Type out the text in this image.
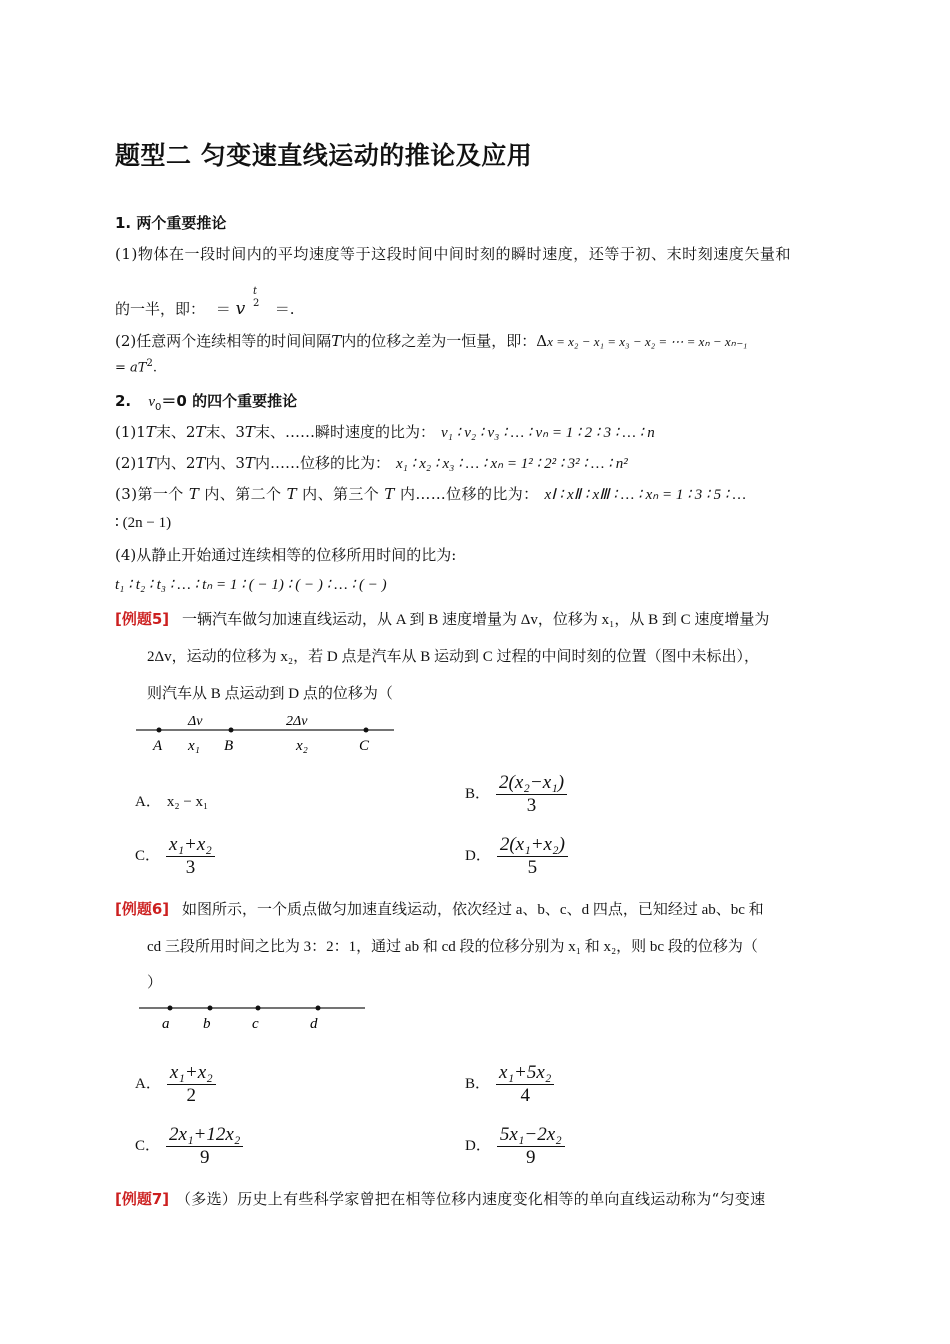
题型二 匀变速直线运动的推论及应用
1. 两个重要推论
(1)物体在一段时间内的平均速度等于这段时间中间时刻的瞬时速度，还等于初、末时刻速度矢量和
的一半，即： ＝ v
t
2 ＝.
(2)任意两个连续相等的时间间隔T内的位移之差为一恒量，即：Δx = x₂ − x₁ = x₃ − x₂ = ⋯ = xₙ − xₙ₋₁
= $aT^2$.
2. $v_0=0$ 的四个重要推论
(1)1T末、2T末、3T末、……瞬时速度的比为： v₁ ∶ v₂ ∶ v₃ ∶ … ∶ vₙ = 1 ∶ 2 ∶ 3 ∶ … ∶ n
(2)1T内、2T内、3T内……位移的比为： x₁ ∶ x₂ ∶ x₃ ∶ … ∶ xₙ = 1² ∶ 2² ∶ 3² ∶ … ∶ n²
(3)第一个 T 内、第二个 T 内、第三个 T 内……位移的比为： xⅠ ∶ xⅡ ∶ xⅢ ∶ … ∶ xₙ = 1 ∶ 3 ∶ 5 ∶ …
∶ (2n − 1)
(4)从静止开始通过连续相等的位移所用时间的比为:
t₁ ∶ t₂ ∶ t₃ ∶ … ∶ tₙ = 1 ∶ ( − 1) ∶ ( − ) ∶ … ∶ ( − )
[例题5] 一辆汽车做匀加速直线运动，从 A 到 B 速度增量为 Δv，位移为 x₁，从 B 到 C 速度增量为
2Δv，运动的位移为 x₂，若 D 点是汽车从 B 运动到 C 过程的中间时刻的位置（图中未标出），
则汽车从 B 点运动到 D 点的位移为（
Δv	2Δv
A x₁ B	x₂	C
A． x₂ − x₁	B． $\frac{\text{2(x₂−x₁)}}{3}$
C． $\frac{\text{x₁+x₂}}{3}$	D． $\frac{\text{2(x₁+x₂)}}{5}$
[例题6] 如图所示，一个质点做匀加速直线运动，依次经过 a、b、c、d 四点，已知经过 ab、bc 和
cd 三段所用时间之比为 3：2：1，通过 ab 和 cd 段的位移分别为 x₁ 和 x₂，则 bc 段的位移为（
）
a b	c	d
A． $\frac{\text{x₁+x₂}}{2}$	B． $\frac{\text{x₁+5x₂}}{4}$
C． $\frac{\text{2x₁+12x₂}}{9}$	D． $\frac{\text{5x₁−2x₂}}{9}$
[例题7] （多选）历史上有些科学家曾把在相等位移内速度变化相等的单向直线运动称为“匀变速
